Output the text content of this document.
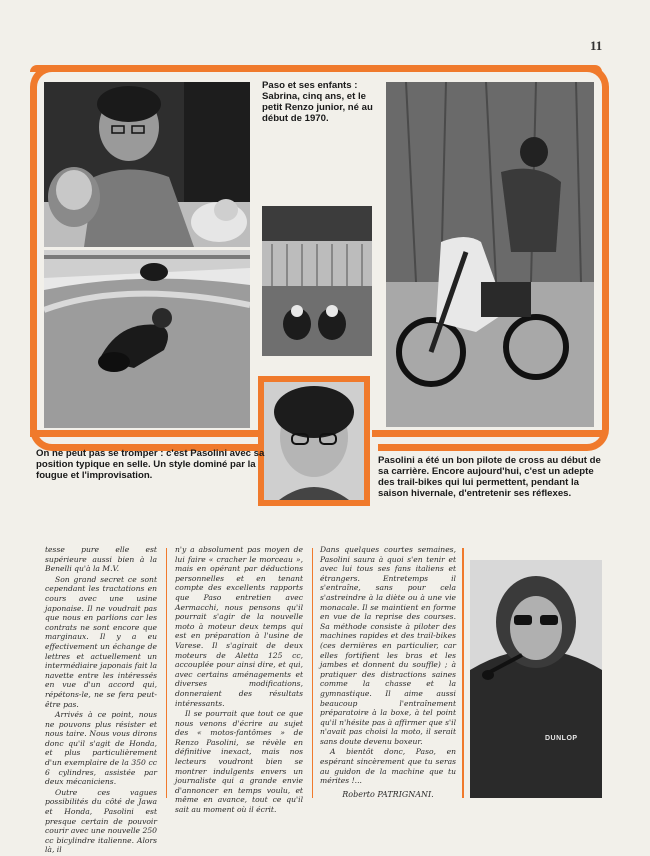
11
Paso et ses enfants : Sabrina, cinq ans, et le petit Renzo junior, né au début de 1970.
On ne peut pas se tromper : c'est Pasolini avec sa position typique en selle. Un style dominé par la fougue et l'improvisation.
Pasolini a été un bon pilote de cross au début de sa carrière. Encore aujourd'hui, c'est un adepte des trail-bikes qui lui permettent, pendant la saison hivernale, d'entretenir ses réflexes.

tesse pure elle est supérieure aussi bien à la Benelli qu'à la M.V.

Son grand secret ce sont cependant les tractations en cours avec une usine japonaise. Il ne voudrait pas que nous en parlions car les contrats ne sont encore que marginaux. Il y a eu effectivement un échange de lettres et actuellement un intermédiaire japonais fait la navette entre les intéressés en vue d'un accord qui, répétons-le, ne se fera peut-être pas.

Arrivés à ce point, nous ne pouvons plus résister et nous taire. Nous vous dirons donc qu'il s'agit de Honda, et plus particulièrement d'un exemplaire de la 350 cc 6 cylindres, assistée par deux mécaniciens.

Outre ces vagues possibilités du côté de Jawa et Honda, Pasolini est presque certain de pouvoir courir avec une nouvelle 250 cc bicylindre italienne. Alors là, il

n'y a absolument pas moyen de lui faire « cracher le morceau », mais en opérant par déductions personnelles et en tenant compte des excellents rapports que Paso entretien avec Aermacchi, nous pensons qu'il pourrait s'agir de la nouvelle moto à moteur deux temps qui est en préparation à l'usine de Varese. Il s'agirait de deux moteurs de Aletta 125 cc, accouplée pour ainsi dire, et qui, avec certains aménagements et diverses modifications, donneraient des résultats intéressants.

Il se pourrait que tout ce que nous venons d'écrire au sujet des « motos-fantômes » de Renzo Pasolini, se révèle en définitive inexact, mais nos lecteurs voudront bien se montrer indulgents envers un journaliste qui a grande envie d'annoncer en temps voulu, et même en avance, tout ce qu'il sait au moment où il écrit.

Dans quelques courtes semaines, Pasolini saura à quoi s'en tenir et avec lui tous ses fans italiens et étrangers. Entretemps il s'entraîne, sans pour cela s'astreindre à la diète ou à une vie monacale. Il se maintient en forme en vue de la reprise des courses. Sa méthode consiste à piloter des machines rapides et des trail-bikes (ces dernières en particulier, car elles fortifient les bras et les jambes et donnent du souffle) ; à pratiquer des distractions saines comme la chasse et la gymnastique. Il aime aussi beaucoup l'entraînement préparatoire à la boxe, à tel point qu'il n'hésite pas à affirmer que s'il n'avait pas choisi la moto, il serait sans doute devenu boxeur.

A bientôt donc, Paso, en espérant sincèrement que tu seras au guidon de la machine que tu mérites !...

Roberto PATRIGNANI.
DUNLOP
